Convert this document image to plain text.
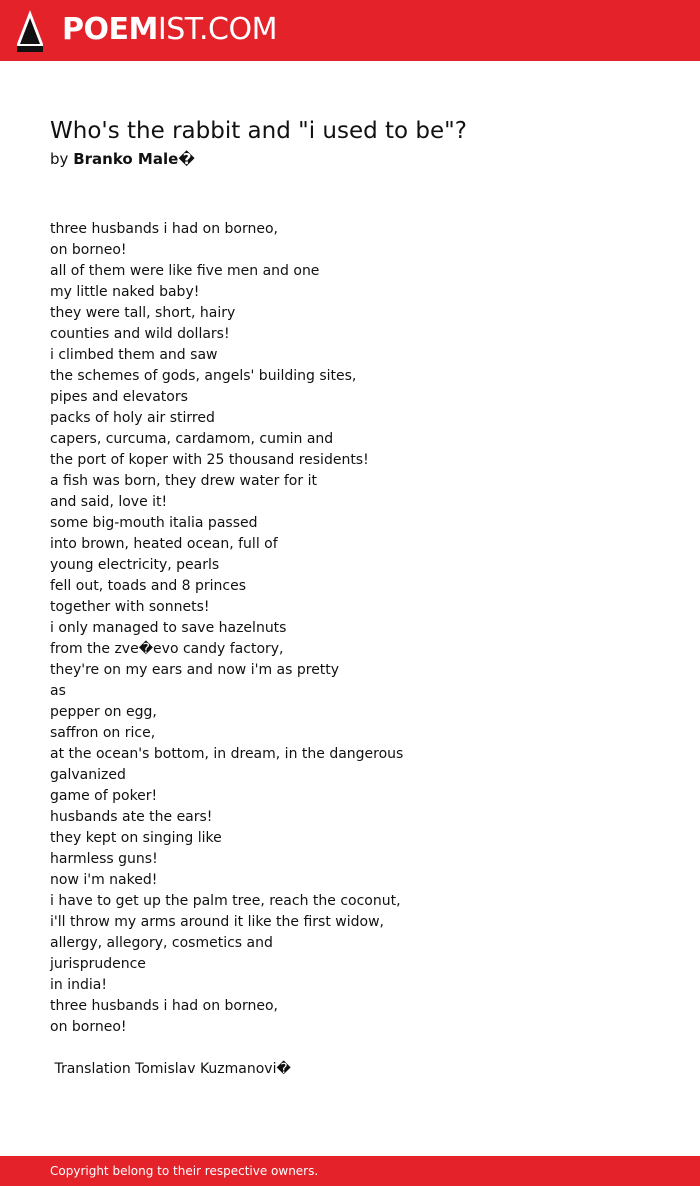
POEMIST.COM
Who's the rabbit and "i used to be"?
by Branko Male�
three husbands i had on borneo,
on borneo!
all of them were like five men and one
my little naked baby!
they were tall, short, hairy
counties and wild dollars!
i climbed them and saw
the schemes of gods, angels' building sites,
pipes and elevators
packs of holy air stirred
capers, curcuma, cardamom, cumin and
the port of koper with 25 thousand residents!
a fish was born, they drew water for it
and said, love it!
some big-mouth italia passed
into brown, heated ocean, full of
young electricity, pearls
fell out, toads and 8 princes
together with sonnets!
i only managed to save hazelnuts
from the zve�evo candy factory,
they're on my ears and now i'm as pretty
as
pepper on egg,
saffron on rice,
at the ocean's bottom, in dream, in the dangerous
galvanized
game of poker!
husbands ate the ears!
they kept on singing like
harmless guns!
now i'm naked!
i have to get up the palm tree, reach the coconut,
i'll throw my arms around it like the first widow,
allergy, allegory, cosmetics and
jurisprudence
in india!
three husbands i had on borneo,
on borneo!
Translation Tomislav Kuzmanovi�
Copyright belong to their respective owners.
